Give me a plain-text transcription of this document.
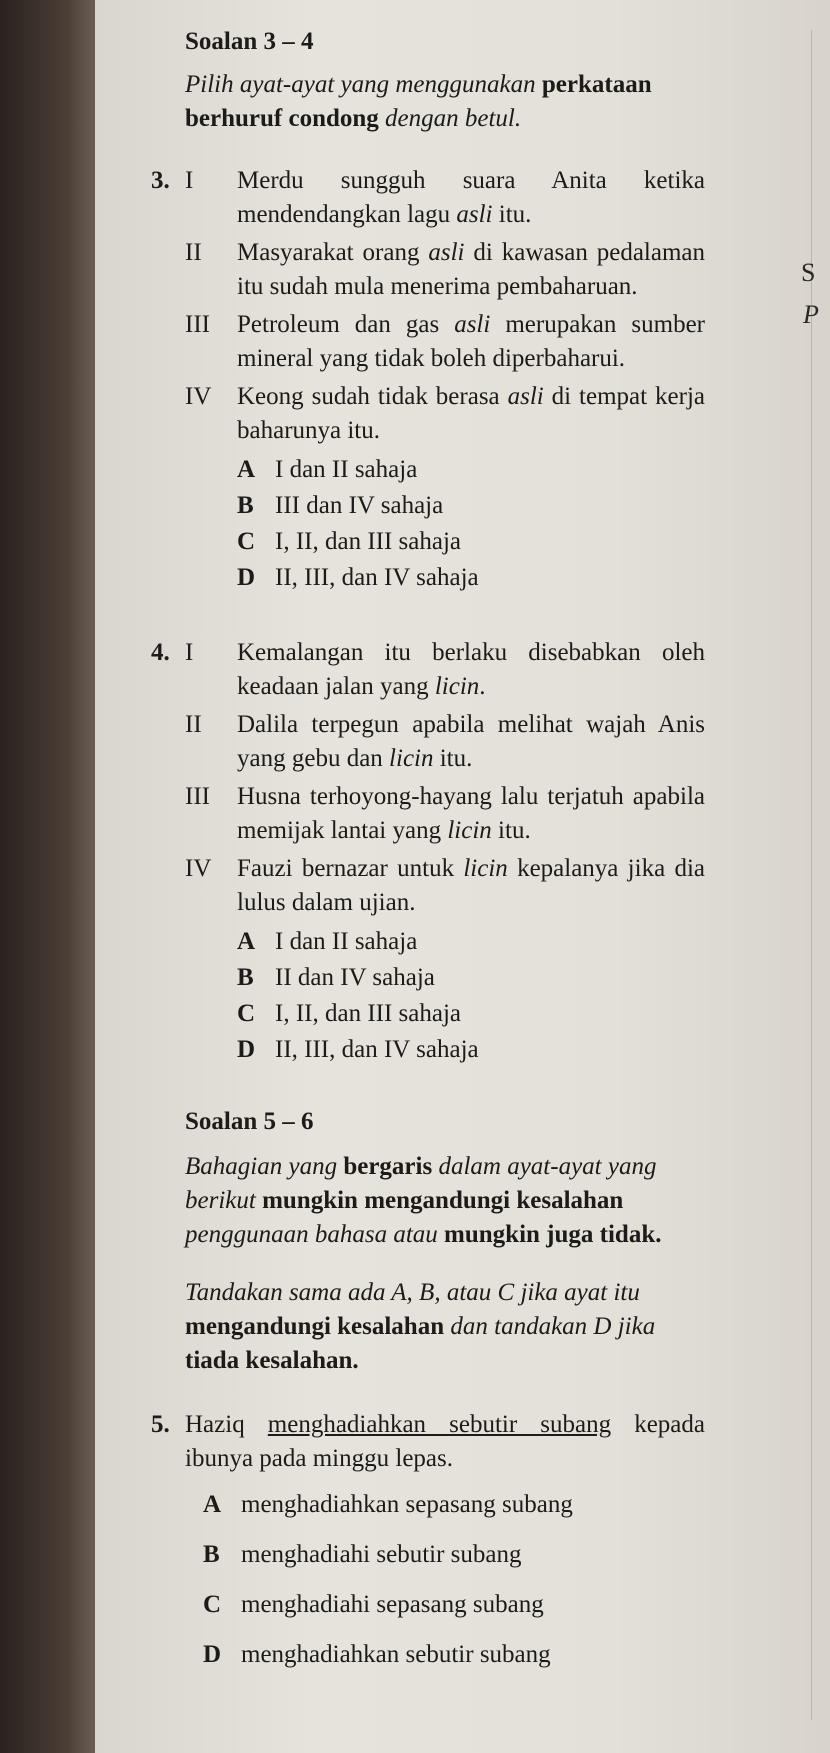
S
P
Soalan 3 – 4

Pilih ayat-ayat yang menggunakan perkataan berhuruf condong dengan betul.

3. I	Merdu sungguh suara Anita ketika mendendangkan lagu asli itu.
II	Masyarakat orang asli di kawasan pedalaman itu sudah mula menerima pembaharuan.
III	Petroleum dan gas asli merupakan sumber mineral yang tidak boleh diperbaharui.
IV	Keong sudah tidak berasa asli di tempat kerja baharunya itu.
A I dan II sahaja
B III dan IV sahaja
C I, II, dan III sahaja
D II, III, dan IV sahaja
4. I	Kemalangan itu berlaku disebabkan oleh keadaan jalan yang licin.
II	Dalila terpegun apabila melihat wajah Anis yang gebu dan licin itu.
III	Husna terhoyong-hayang lalu terjatuh apabila memijak lantai yang licin itu.
IV	Fauzi bernazar untuk licin kepalanya jika dia lulus dalam ujian.
A I dan II sahaja
B II dan IV sahaja
C I, II, dan III sahaja
D II, III, dan IV sahaja
Soalan 5 – 6

Bahagian yang bergaris dalam ayat-ayat yang berikut mungkin mengandungi kesalahan penggunaan bahasa atau mungkin juga tidak.

Tandakan sama ada A, B, atau C jika ayat itu mengandungi kesalahan dan tandakan D jika tiada kesalahan.

5. Haziq menghadiahkan sebutir subang kepada ibunya pada minggu lepas.
A menghadiahkan sepasang subang
B menghadiahi sebutir subang
C menghadiahi sepasang subang
D menghadiahkan sebutir subang
